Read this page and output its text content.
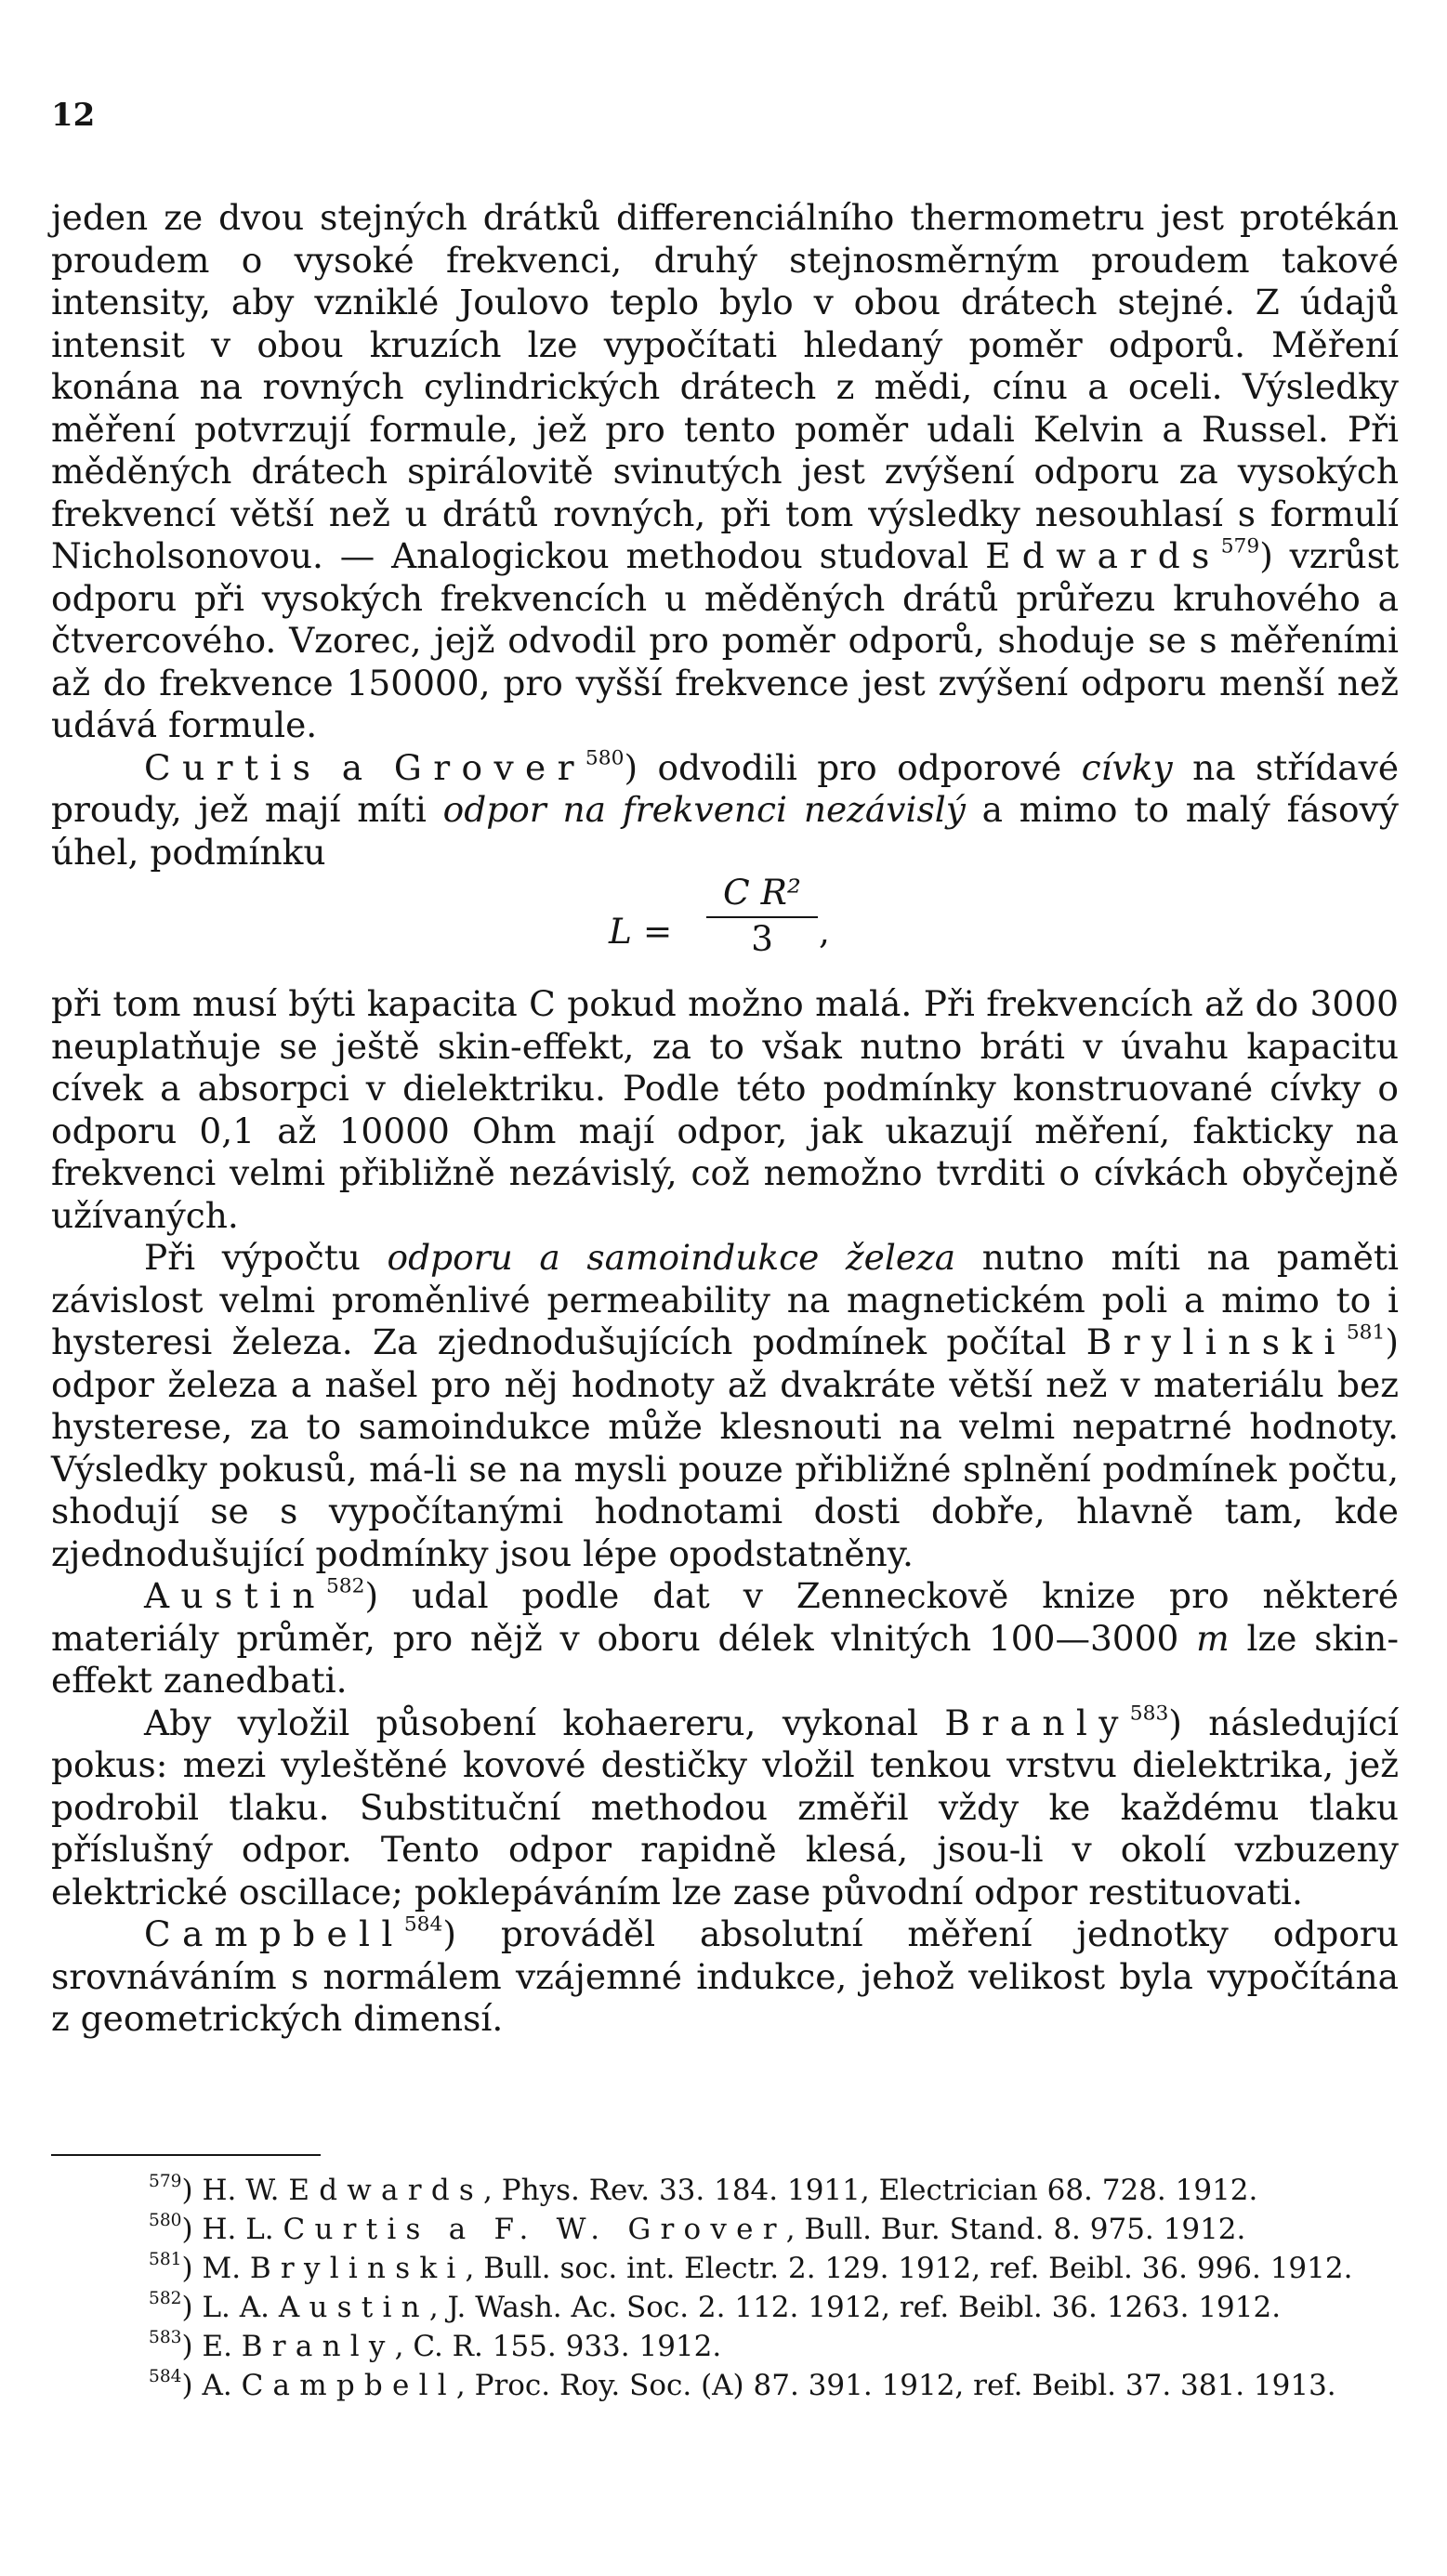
12

jeden ze dvou stejných drátků differenciálního thermometru jest protékán proudem o vysoké frekvenci, druhý stejnosměrným proudem takové intensity, aby vzniklé Joulovo teplo bylo v obou drátech stejné. Z údajů intensit v obou kruzích lze vypočítati hledaný poměr odporů. Měření konána na rovných cylindrických drátech z mědi, cínu a oceli. Výsledky měření potvrzují formule, jež pro tento poměr udali Kelvin a Russel. Při měděných drátech spirálovitě svinutých jest zvýšení odporu za vysokých frekvencí větší než u drátů rovných, při tom výsledky nesouhlasí s formulí Nicholsonovou. — Analogickou methodou studoval Edwards$^{579}$) vzrůst odporu při vysokých frekvencích u měděných drátů průřezu kruhového a čtvercového. Vzorec, jejž odvodil pro poměr odporů, shoduje se s měřeními až do frekvence 150000, pro vyšší frekvence jest zvýšení odporu menší než udává formule.

Curtis a Grover$^{580}$) odvodili pro odporové cívky na střídavé proudy, jež mají míti odpor na frekvenci nezávislý a mimo to malý fásový úhel, podmínku

$L = \frac{\text{C R²}}{3}$ ,

při tom musí býti kapacita C pokud možno malá. Při frekvencích až do 3000 neuplatňuje se ještě skin-effekt, za to však nutno bráti v úvahu kapacitu cívek a absorpci v dielektriku. Podle této podmínky konstruované cívky o odporu 0,1 až 10000 Ohm mají odpor, jak ukazují měření, fakticky na frekvenci velmi přibližně nezávislý, což nemožno tvrditi o cívkách obyčejně užívaných.

Při výpočtu odporu a samoindukce železa nutno míti na paměti závislost velmi proměnlivé permeability na magnetickém poli a mimo to i hysteresi železa. Za zjednodušujících podmínek počítal Brylinski$^{581}$) odpor železa a našel pro něj hodnoty až dvakráte větší než v materiálu bez hysterese, za to samoindukce může klesnouti na velmi nepatrné hodnoty. Výsledky pokusů, má-li se na mysli pouze přibližné splnění podmínek počtu, shodují se s vypočítanými hodnotami dosti dobře, hlavně tam, kde zjednodušující podmínky jsou lépe opodstatněny.

Austin$^{582}$) udal podle dat v Zenneckově knize pro některé materiály průměr, pro nějž v oboru délek vlnitých 100—3000 m lze skin-effekt zanedbati.

Aby vyložil působení kohaereru, vykonal Branly$^{583}$) následující pokus: mezi vyleštěné kovové destičky vložil tenkou vrstvu dielektrika, jež podrobil tlaku. Substituční methodou změřil vždy ke každému tlaku příslušný odpor. Tento odpor rapidně klesá, jsou-li v okolí vzbuzeny elektrické oscillace; poklepáváním lze zase původní odpor restituovati.

Campbell$^{584}$) prováděl absolutní měření jednotky odporu srovnáváním s normálem vzájemné indukce, jehož velikost byla vypočítána z geometrických dimensí.

$^{579}$) H. W. Edwards, Phys. Rev. 33. 184. 1911, Electrician 68. 728. 1912.

$^{580}$) H. L. Curtis a F. W. Grover, Bull. Bur. Stand. 8. 975. 1912.

$^{581}$) M. Brylinski, Bull. soc. int. Electr. 2. 129. 1912, ref. Beibl. 36. 996. 1912.

$^{582}$) L. A. Austin, J. Wash. Ac. Soc. 2. 112. 1912, ref. Beibl. 36. 1263. 1912.

$^{583}$) E. Branly, C. R. 155. 933. 1912.

$^{584}$) A. Campbell, Proc. Roy. Soc. (A) 87. 391. 1912, ref. Beibl. 37. 381. 1913.
